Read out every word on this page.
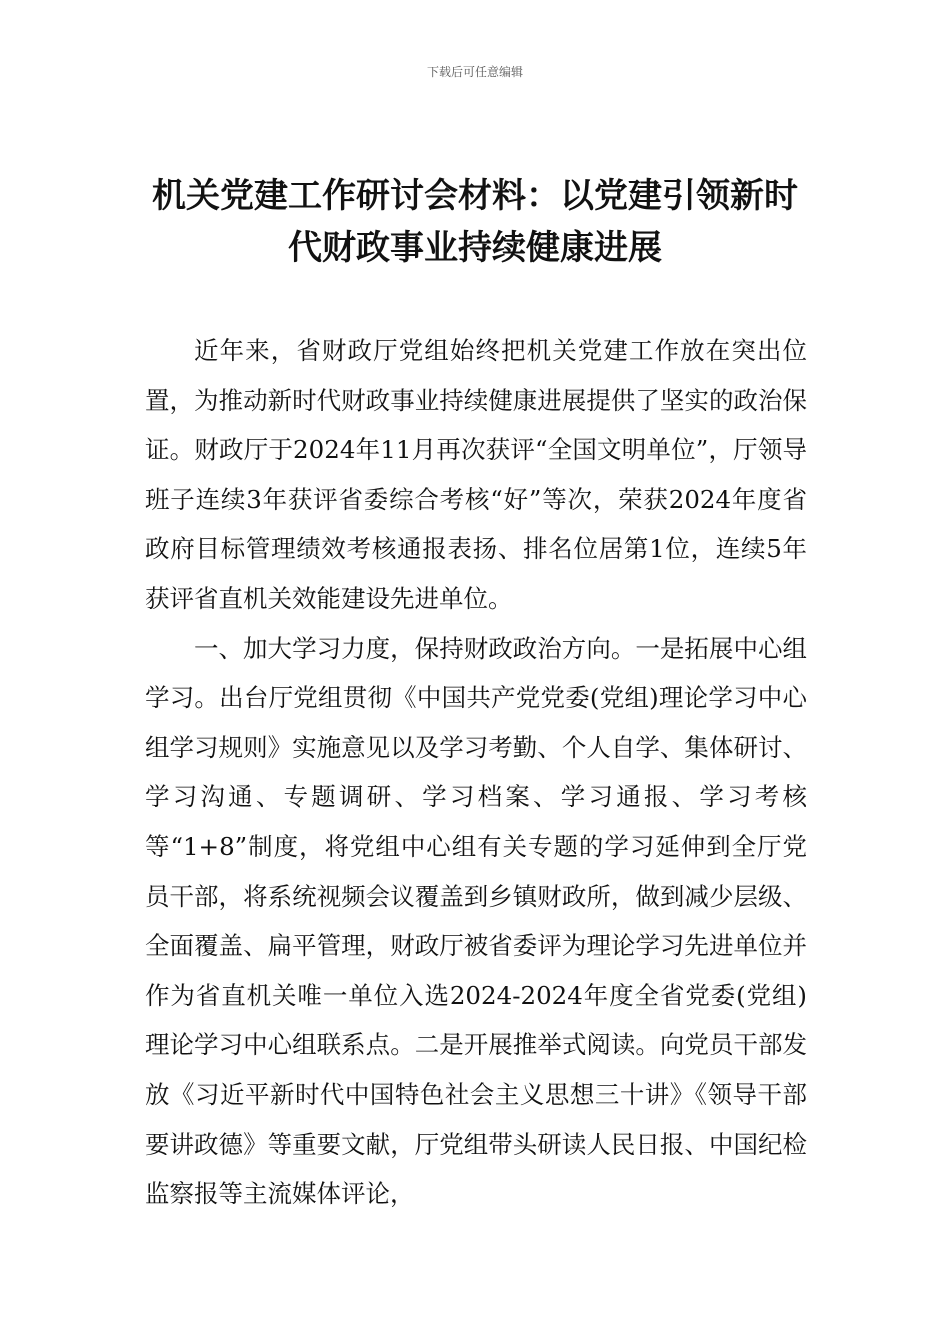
下载后可任意编辑
机关党建工作研讨会材料：以党建引领新时代财政事业持续健康进展

近年来，省财政厅党组始终把机关党建工作放在突出位置，为推动新时代财政事业持续健康进展提供了坚实的政治保证。财政厅于2024年11月再次获评“全国文明单位”，厅领导班子连续3年获评省委综合考核“好”等次，荣获2024年度省政府目标管理绩效考核通报表扬、排名位居第1位，连续5年获评省直机关效能建设先进单位。

一、加大学习力度，保持财政政治方向。一是拓展中心组学习。出台厅党组贯彻《中国共产党党委(党组)理论学习中心组学习规则》实施意见以及学习考勤、个人自学、集体研讨、学习沟通、专题调研、学习档案、学习通报、学习考核等“1+8”制度，将党组中心组有关专题的学习延伸到全厅党员干部，将系统视频会议覆盖到乡镇财政所，做到减少层级、全面覆盖、扁平管理，财政厅被省委评为理论学习先进单位并作为省直机关唯一单位入选2024-2024年度全省党委(党组)理论学习中心组联系点。二是开展推举式阅读。向党员干部发放《习近平新时代中国特色社会主义思想三十讲》《领导干部要讲政德》等重要文献，厅党组带头研读人民日报、中国纪检监察报等主流媒体评论，
